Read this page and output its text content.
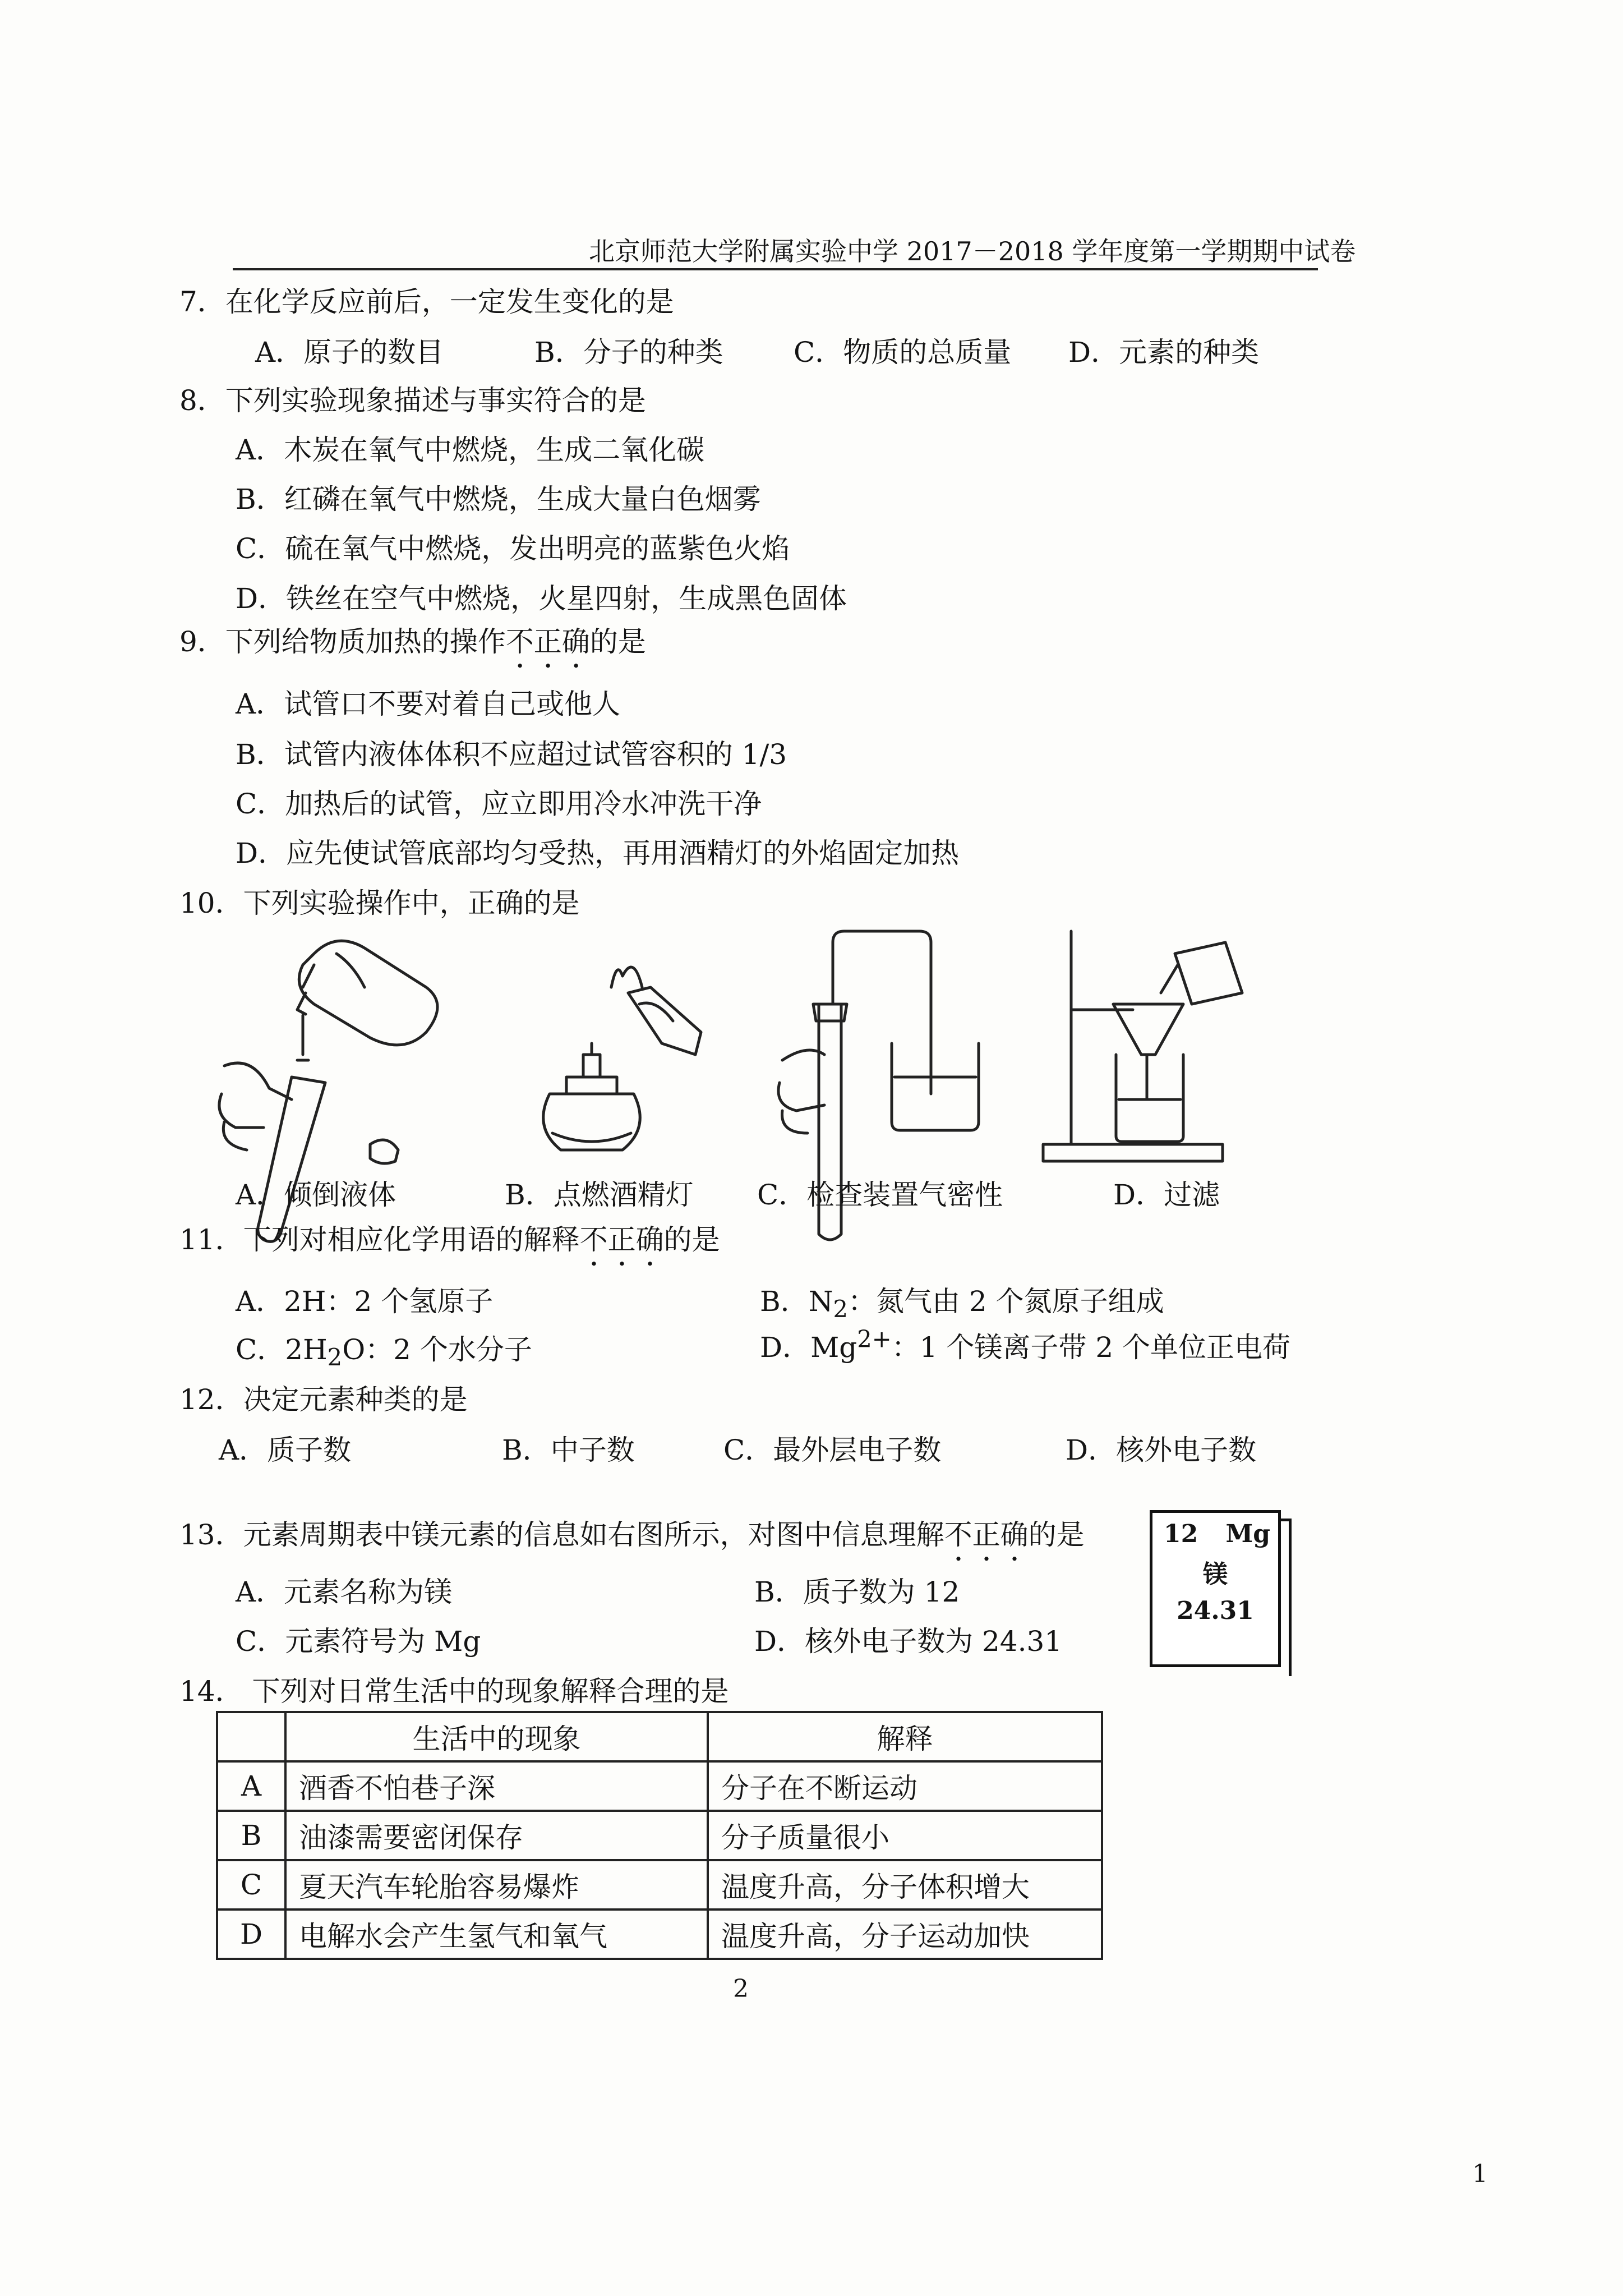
北京师范大学附属实验中学 2017－2018 学年度第一学期期中试卷
7．在化学反应前后，一定发生变化的是
A．原子的数目	B．分子的种类	C．物质的总质量 D．元素的种类
8．下列实验现象描述与事实符合的是
A．木炭在氧气中燃烧，生成二氧化碳
B．红磷在氧气中燃烧，生成大量白色烟雾
C．硫在氧气中燃烧，发出明亮的蓝紫色火焰
D．铁丝在空气中燃烧，火星四射，生成黑色固体
9．下列给物质加热的操作不正确的是
A．试管口不要对着自己或他人
B．试管内液体体积不应超过试管容积的 1/3
C．加热后的试管，应立即用冷水冲洗干净
D．应先使试管底部均匀受热，再用酒精灯的外焰固定加热
10．下列实验操作中，正确的是
A．倾倒液体	B．点燃酒精灯 C．检查装置气密性	D．过滤
11．下列对相应化学用语的解释不正确的是
A．2H：2 个氢原子	B．$N_2$：氮气由 2 个氮原子组成
C．$2H_2O$：2 个水分子	D．$Mg^{2+}$：1 个镁离子带 2 个单位正电荷
12．决定元素种类的是
A．质子数	B．中子数	C．最外层电子数	D．核外电子数
13．元素周期表中镁元素的信息如右图所示，对图中信息理解不正确的是
A．元素名称为镁	B．质子数为 12
C．元素符号为 Mg	D．核外电子数为 24.31
12 Mg
镁
24.31
14． 下列对日常生活中的现象解释合理的是
	生活中的现象	解释
A	酒香不怕巷子深	分子在不断运动
B	油漆需要密闭保存	分子质量很小
C	夏天汽车轮胎容易爆炸	温度升高，分子体积增大
D	电解水会产生氢气和氧气	温度升高，分子运动加快
2
1
